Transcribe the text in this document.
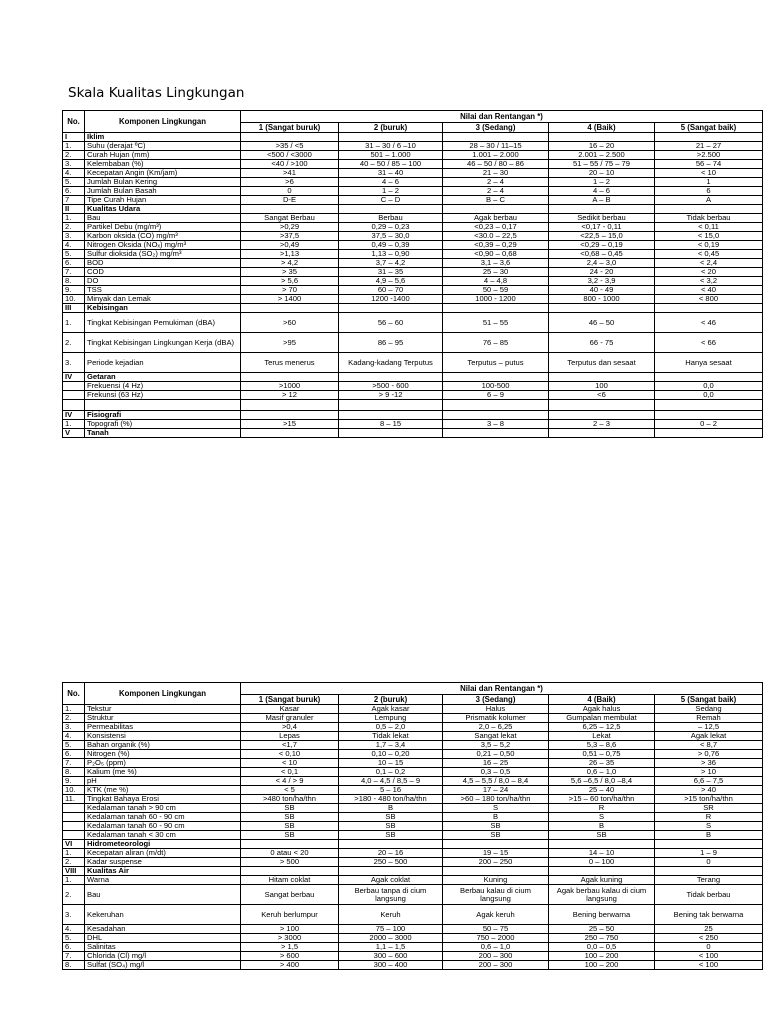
Skala Kualitas Lingkungan
No.	Komponen Lingkungan	Nilai dan Rentangan *)				
		1 (Sangat buruk)	2 (buruk)	3 (Sedang)	4 (Baik)	5 (Sangat baik)
I	Iklim					
1.	Suhu (derajat ºC)	>35 / <5	31 – 30 / 6 –10	28 – 30 / 11–15	16 – 20	21 – 27
2.	Curah Hujan (mm)	<500 / <3000	501 – 1.000	1.001 – 2.000	2.001 – 2.500	>2.500
3.	Kelembaban (%)	<40 / >100	40 – 50 / 85 – 100	46 – 50 / 80 – 86	51 – 55 / 75 – 79	56 – 74
4.	Kecepatan Angin (Km/jam)	>41	31 – 40	21 – 30	20 – 10	< 10
5.	Jumlah Bulan Kering	>6	4 – 6	2 – 4	1 – 2	1
6.	Jumlah Bulan Basah	0	1 – 2	2 – 4	4 – 6	6
7	Tipe Curah Hujan	D-E	C – D	B – C	A – B	A
II	Kualitas Udara					
1.	Bau	Sangat Berbau	Berbau	Agak berbau	Sedikit berbau	Tidak berbau
2.	Partikel Debu (mg/m³)	>0,29	0,29 – 0,23	<0,23 – 0,17	<0,17 - 0,11	< 0,11
3.	Karbon oksida (CO) mg/m³	>37,5	37,5 – 30,0	<30.0 – 22,5	<22,5 – 15,0	< 15,0
4.	Nitrogen Oksida (NOₓ) mg/m³	>0,49	0,49 – 0,39	<0,39 – 0,29	<0,29 – 0,19	< 0,19
5.	Sulfur dioksida (SO₂) mg/m³	>1,13	1,13 – 0,90	<0,90 – 0,68	<0,68 – 0,45	< 0,45
6.	BOD	> 4,2	3,7 – 4,2	3,1 – 3,6	2,4 – 3,0	< 2,4
7.	COD	> 35	31 – 35	25 – 30	24 - 20	< 20
8.	DO	> 5,6	4,9 – 5,6	4 – 4,8	3,2 - 3,9	< 3,2
9.	TSS	> 70	60 – 70	50 – 59	40 - 49	< 40
10.	Minyak dan Lemak	> 1400	1200 -1400	1000 - 1200	800 - 1000	< 800
III	Kebisingan					
1.	Tingkat Kebisingan Pemukiman (dBA)	>60	56 – 60	51 – 55	46 – 50	< 46
2.	Tingkat Kebisingan Lingkungan Kerja (dBA)	>95	86 – 95	76 – 85	66 - 75	< 66
3.	Periode kejadian	Terus menerus	Kadang-kadang Terputus	Terputus – putus	Terputus dan sesaat	Hanya sesaat
IV	Getaran					
	Frekuensi (4 Hz)	>1000	>500 - 600	100-500	100	0,0
	Frekunsi (63 Hz)	> 12	> 9 -12	6 – 9	<6	0,0

IV	Fisiografi					
1.	Topografi (%)	>15	8 – 15	3 – 8	2 – 3	0 – 2
V	Tanah					
No.	Komponen Lingkungan	Nilai dan Rentangan *)				
		1 (Sangat buruk)	2 (buruk)	3 (Sedang)	4 (Baik)	5 (Sangat baik)
1.	Tekstur	Kasar	Agak kasar	Halus	Agak halus	Sedang
2.	Struktur	Masif granuler	Lempung	Prismatik kolumer	Gumpalan membulat	Remah
3.	Permeabilitas	>0,4	0,5 – 2,0	2,0 – 6,25	6,25 – 12,5	– 12,5
4.	Konsistensi	Lepas	Tidak lekat	Sangat lekat	Lekat	Agak lekat
5.	Bahan organik (%)	<1,7	1,7 – 3,4	3,5 – 5,2	5,3 – 8,6	< 8,7
6.	Nitrogen (%)	< 0,10	0,10 – 0,20	0,21 – 0,50	0,51 – 0,75	> 0,76
7.	P₂O₅ (ppm)	< 10	10 – 15	16 – 25	26 – 35	> 36
8.	Kalium (me %)	< 0,1	0,1 – 0,2	0,3 – 0,5	0,6 – 1,0	> 10
9.	pH	< 4 / > 9	4,0 – 4,5 / 8,5 – 9	4,5 – 5,5 / 8,0 – 8,4	5,6 –6,5 / 8,0 –8,4	6,6 – 7,5
10.	KTK (me %)	< 5	5 – 16	17 – 24	25 – 40	> 40
11.	Tingkat Bahaya Erosi	>480 ton/ha/thn	>180 - 480 ton/ha/thn	>60 – 180 ton/ha/thn	>15 – 60 ton/ha/thn	>15 ton/ha/thn
	Kedalaman tanah > 90 cm	SB	B	S	R	SR
	Kedalaman tanah 60 - 90 cm	SB	SB	B	S	R
	Kedalaman tanah 60 - 90 cm	SB	SB	SB	B	S
	Kedalaman tanah < 30 cm	SB	SB	SB	SB	B
VI	Hidrometeorologi					
1.	Kecepatan aliran (m/dt)	0 atau < 20	20 – 16	19 – 15	14 – 10	1 – 9
2.	Kadar suspense	> 500	250 – 500	200 – 250	0 – 100	0
VIII	Kualitas Air					
1.	Warna	Hitam coklat	Agak coklat	Kuning	Agak kuning	Terang
2.	Bau	Sangat berbau	Berbau tanpa di cium langsung	Berbau kalau di cium langsung	Agak berbau kalau di cium langsung	Tidak berbau
3.	Kekeruhan	Keruh berlumpur	Keruh	Agak keruh	Bening berwarna	Bening tak berwarna
4.	Kesadahan	> 100	75 – 100	50 – 75	25 – 50	25
5.	DHL	> 3000	2000 – 3000	750 – 2000	250 – 750	< 250
6.	Salinitas	> 1,5	1,1 – 1,5	0,6 – 1,0	0,0 – 0,5	0
7.	Chlorida (Cl) mg/l	> 600	300 – 600	200 – 300	100 – 200	< 100
8.	Sulfat (SO₄) mg/l	> 400	300 – 400	200 – 300	100 – 200	< 100
